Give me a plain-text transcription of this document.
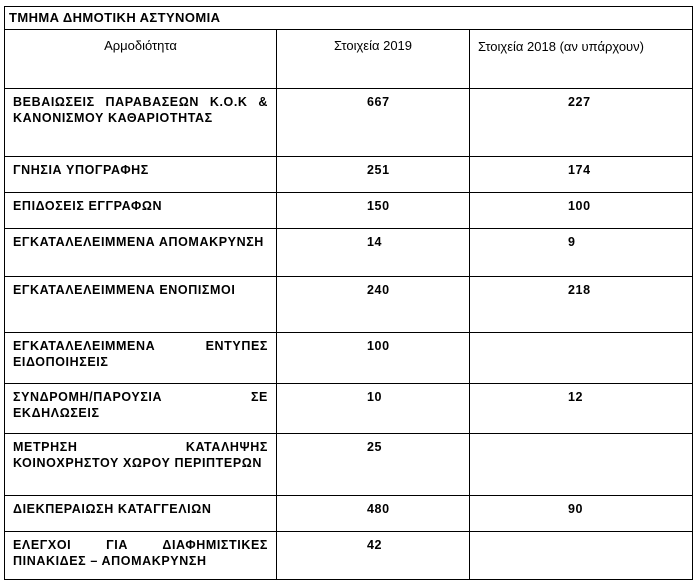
ΤΜΗΜΑ ΔΗΜΟΤΙΚΗ ΑΣΤΥΝΟΜΙΑ		
Αρμοδιότητα	Στοιχεία 2019	Στοιχεία 2018 (αν υπάρχουν)
ΒΕΒΑΙΩΣΕΙΣ ΠΑΡΑΒΑΣΕΩΝ Κ.Ο.Κ & ΚΑΝΟΝΙΣΜΟΥ ΚΑΘΑΡΙΟΤΗΤΑΣ	667	227
ΓΝΗΣΙΑ ΥΠΟΓΡΑΦΗΣ	251	174
ΕΠΙΔΟΣΕΙΣ ΕΓΓΡΑΦΩΝ	150	100
ΕΓΚΑΤΑΛΕΛΕΙΜΜΕΝΑ ΑΠΟΜΑΚΡΥΝΣΗ	14	9
ΕΓΚΑΤΑΛΕΛΕΙΜΜΕΝΑ ΕΝΟΠΙΣΜΟΙ	240	218
ΕΓΚΑΤΑΛΕΛΕΙΜΜΕΝΑ ΕΝΤΥΠΕΣ ΕΙΔΟΠΟΙΗΣΕΙΣ	100	
ΣΥΝΔΡΟΜΗ/ΠΑΡΟΥΣΙΑ ΣΕ ΕΚΔΗΛΩΣΕΙΣ	10	12
ΜΕΤΡΗΣΗ ΚΑΤΑΛΗΨΗΣ ΚΟΙΝΟΧΡΗΣΤΟΥ ΧΩΡΟΥ ΠΕΡΙΠΤΕΡΩΝ	25	
ΔΙΕΚΠΕΡΑΙΩΣΗ ΚΑΤΑΓΓΕΛΙΩΝ	480	90
ΕΛΕΓΧΟΙ ΓΙΑ ΔΙΑΦΗΜΙΣΤΙΚΕΣ ΠΙΝΑΚΙΔΕΣ – ΑΠΟΜΑΚΡΥΝΣΗ	42	
